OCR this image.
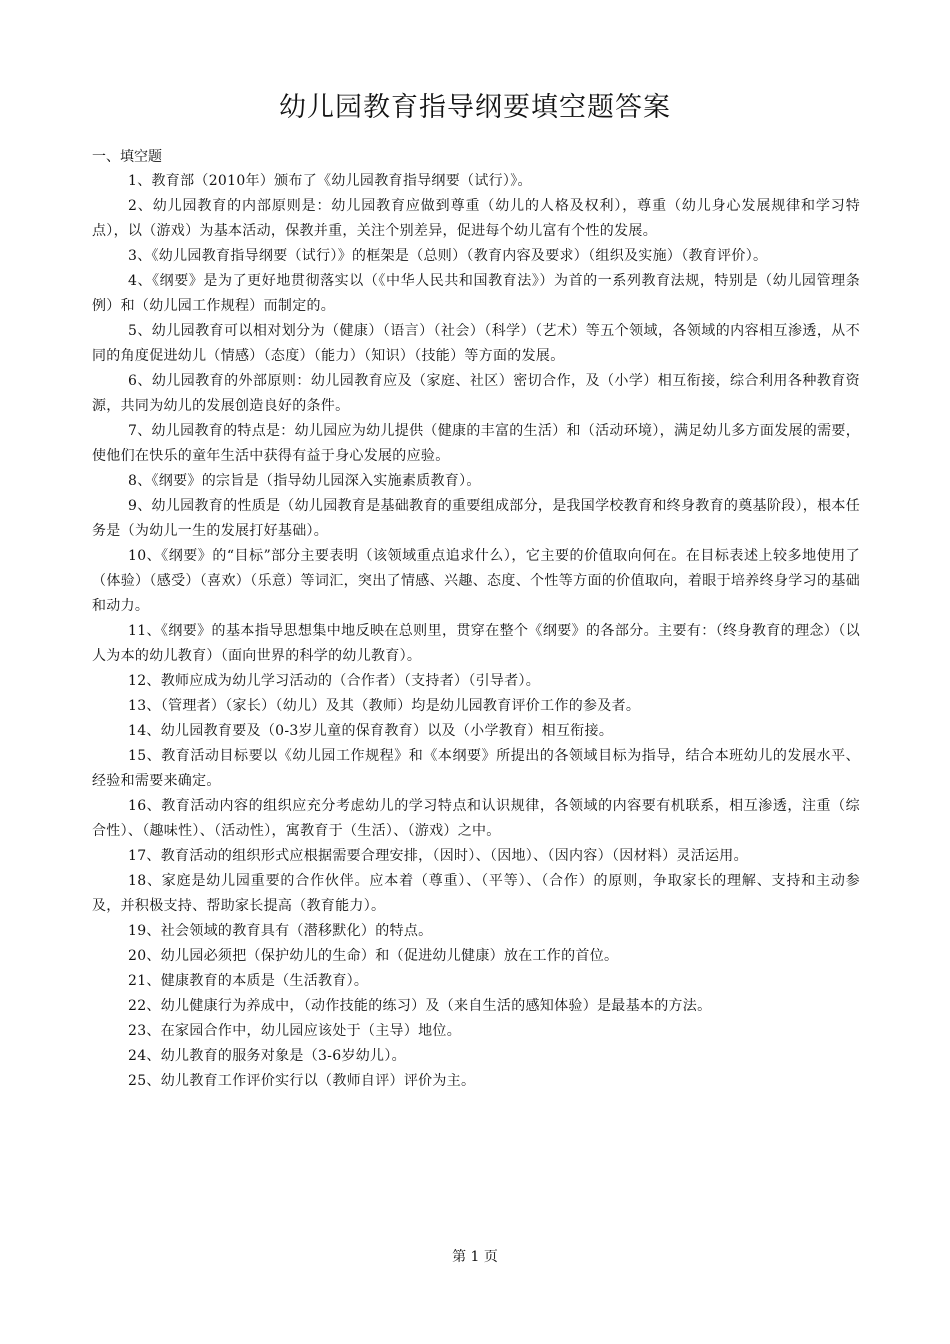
幼儿园教育指导纲要填空题答案
一、填空题

1、教育部（2010年）颁布了《幼儿园教育指导纲要（试行）》。

2、幼儿园教育的内部原则是：幼儿园教育应做到尊重（幼儿的人格及权利），尊重（幼儿身心发展规律和学习特点），以（游戏）为基本活动，保教并重，关注个别差异，促进每个幼儿富有个性的发展。

3、《幼儿园教育指导纲要（试行）》的框架是（总则）（教育内容及要求）（组织及实施）（教育评价）。

4、《纲要》是为了更好地贯彻落实以（《中华人民共和国教育法》）为首的一系列教育法规，特别是（幼儿园管理条例）和（幼儿园工作规程）而制定的。

5、幼儿园教育可以相对划分为（健康）（语言）（社会）（科学）（艺术）等五个领域，各领域的内容相互渗透，从不同的角度促进幼儿（情感）（态度）（能力）（知识）（技能）等方面的发展。

6、幼儿园教育的外部原则：幼儿园教育应及（家庭、社区）密切合作，及（小学）相互衔接，综合利用各种教育资源，共同为幼儿的发展创造良好的条件。

7、幼儿园教育的特点是：幼儿园应为幼儿提供（健康的丰富的生活）和（活动环境），满足幼儿多方面发展的需要，使他们在快乐的童年生活中获得有益于身心发展的应验。

8、《纲要》的宗旨是（指导幼儿园深入实施素质教育）。

9、幼儿园教育的性质是（幼儿园教育是基础教育的重要组成部分，是我国学校教育和终身教育的奠基阶段），根本任务是（为幼儿一生的发展打好基础）。

10、《纲要》的“目标”部分主要表明（该领域重点追求什么），它主要的价值取向何在。在目标表述上较多地使用了（体验）（感受）（喜欢）（乐意）等词汇，突出了情感、兴趣、态度、个性等方面的价值取向，着眼于培养终身学习的基础和动力。

11、《纲要》的基本指导思想集中地反映在总则里，贯穿在整个《纲要》的各部分。主要有：（终身教育的理念）（以人为本的幼儿教育）（面向世界的科学的幼儿教育）。

12、教师应成为幼儿学习活动的（合作者）（支持者）（引导者）。

13、（管理者）（家长）（幼儿）及其（教师）均是幼儿园教育评价工作的参及者。

14、幼儿园教育要及（0-3岁儿童的保育教育）以及（小学教育）相互衔接。

15、教育活动目标要以《幼儿园工作规程》和《本纲要》所提出的各领域目标为指导，结合本班幼儿的发展水平、经验和需要来确定。

16、教育活动内容的组织应充分考虑幼儿的学习特点和认识规律，各领域的内容要有机联系，相互渗透，注重（综合性）、（趣味性）、（活动性），寓教育于（生活）、（游戏）之中。

17、教育活动的组织形式应根据需要合理安排，（因时）、（因地）、（因内容）（因材料）灵活运用。

18、家庭是幼儿园重要的合作伙伴。应本着（尊重）、（平等）、（合作）的原则，争取家长的理解、支持和主动参及，并积极支持、帮助家长提高（教育能力）。

19、社会领域的教育具有（潜移默化）的特点。

20、幼儿园必须把（保护幼儿的生命）和（促进幼儿健康）放在工作的首位。

21、健康教育的本质是（生活教育）。

22、幼儿健康行为养成中，（动作技能的练习）及（来自生活的感知体验）是最基本的方法。

23、在家园合作中，幼儿园应该处于（主导）地位。

24、幼儿教育的服务对象是（3-6岁幼儿）。

25、幼儿教育工作评价实行以（教师自评）评价为主。

第 1 页
